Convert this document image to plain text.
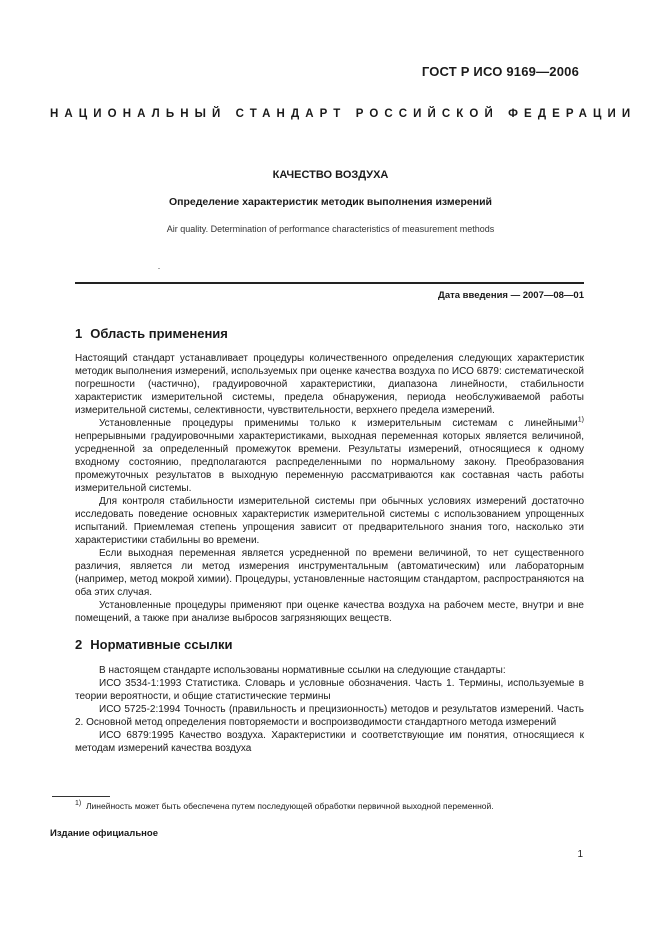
ГОСТ Р ИСО 9169—2006
НАЦИОНАЛЬНЫЙ СТАНДАРТ РОССИЙСКОЙ ФЕДЕРАЦИИ
КАЧЕСТВО ВОЗДУХА
Определение характеристик методик выполнения измерений
Air quality. Determination of performance characteristics of measurement methods
Дата введения — 2007—08—01
1 Область применения

Настоящий стандарт устанавливает процедуры количественного определения следующих характеристик методик выполнения измерений, используемых при оценке качества воздуха по ИСО 6879: систематической погрешности (частично), градуировочной характеристики, диапазона линейности, стабильности характеристик измерительной системы, предела обнаружения, периода необслуживаемой работы измерительной системы, селективности, чувствительности, верхнего предела измерений.

Установленные процедуры применимы только к измерительным системам с линейными$^{1)}$ непрерывными градуировочными характеристиками, выходная переменная которых является величиной, усредненной за определенный промежуток времени. Результаты измерений, относящиеся к одному входному состоянию, предполагаются распределенными по нормальному закону. Преобразования промежуточных результатов в выходную переменную рассматриваются как составная часть работы измерительной системы.

Для контроля стабильности измерительной системы при обычных условиях измерений достаточно исследовать поведение основных характеристик измерительной системы с использованием упрощенных испытаний. Приемлемая степень упрощения зависит от предварительного знания того, насколько эти характеристики стабильны во времени.

Если выходная переменная является усредненной по времени величиной, то нет существенного различия, является ли метод измерения инструментальным (автоматическим) или лабораторным (например, метод мокрой химии). Процедуры, установленные настоящим стандартом, распространяются на оба этих случая.

Установленные процедуры применяют при оценке качества воздуха на рабочем месте, внутри и вне помещений, а также при анализе выбросов загрязняющих веществ.

2 Нормативные ссылки

В настоящем стандарте использованы нормативные ссылки на следующие стандарты:

ИСО 3534-1:1993 Статистика. Словарь и условные обозначения. Часть 1. Термины, используемые в теории вероятности, и общие статистические термины

ИСО 5725-2:1994 Точность (правильность и прецизионность) методов и результатов измерений. Часть 2. Основной метод определения повторяемости и воспроизводимости стандартного метода измерений

ИСО 6879:1995 Качество воздуха. Характеристики и соответствующие им понятия, относящиеся к методам измерений качества воздуха

$^{1)}$ Линейность может быть обеспечена путем последующей обработки первичной выходной переменной.
Издание официальное
1
